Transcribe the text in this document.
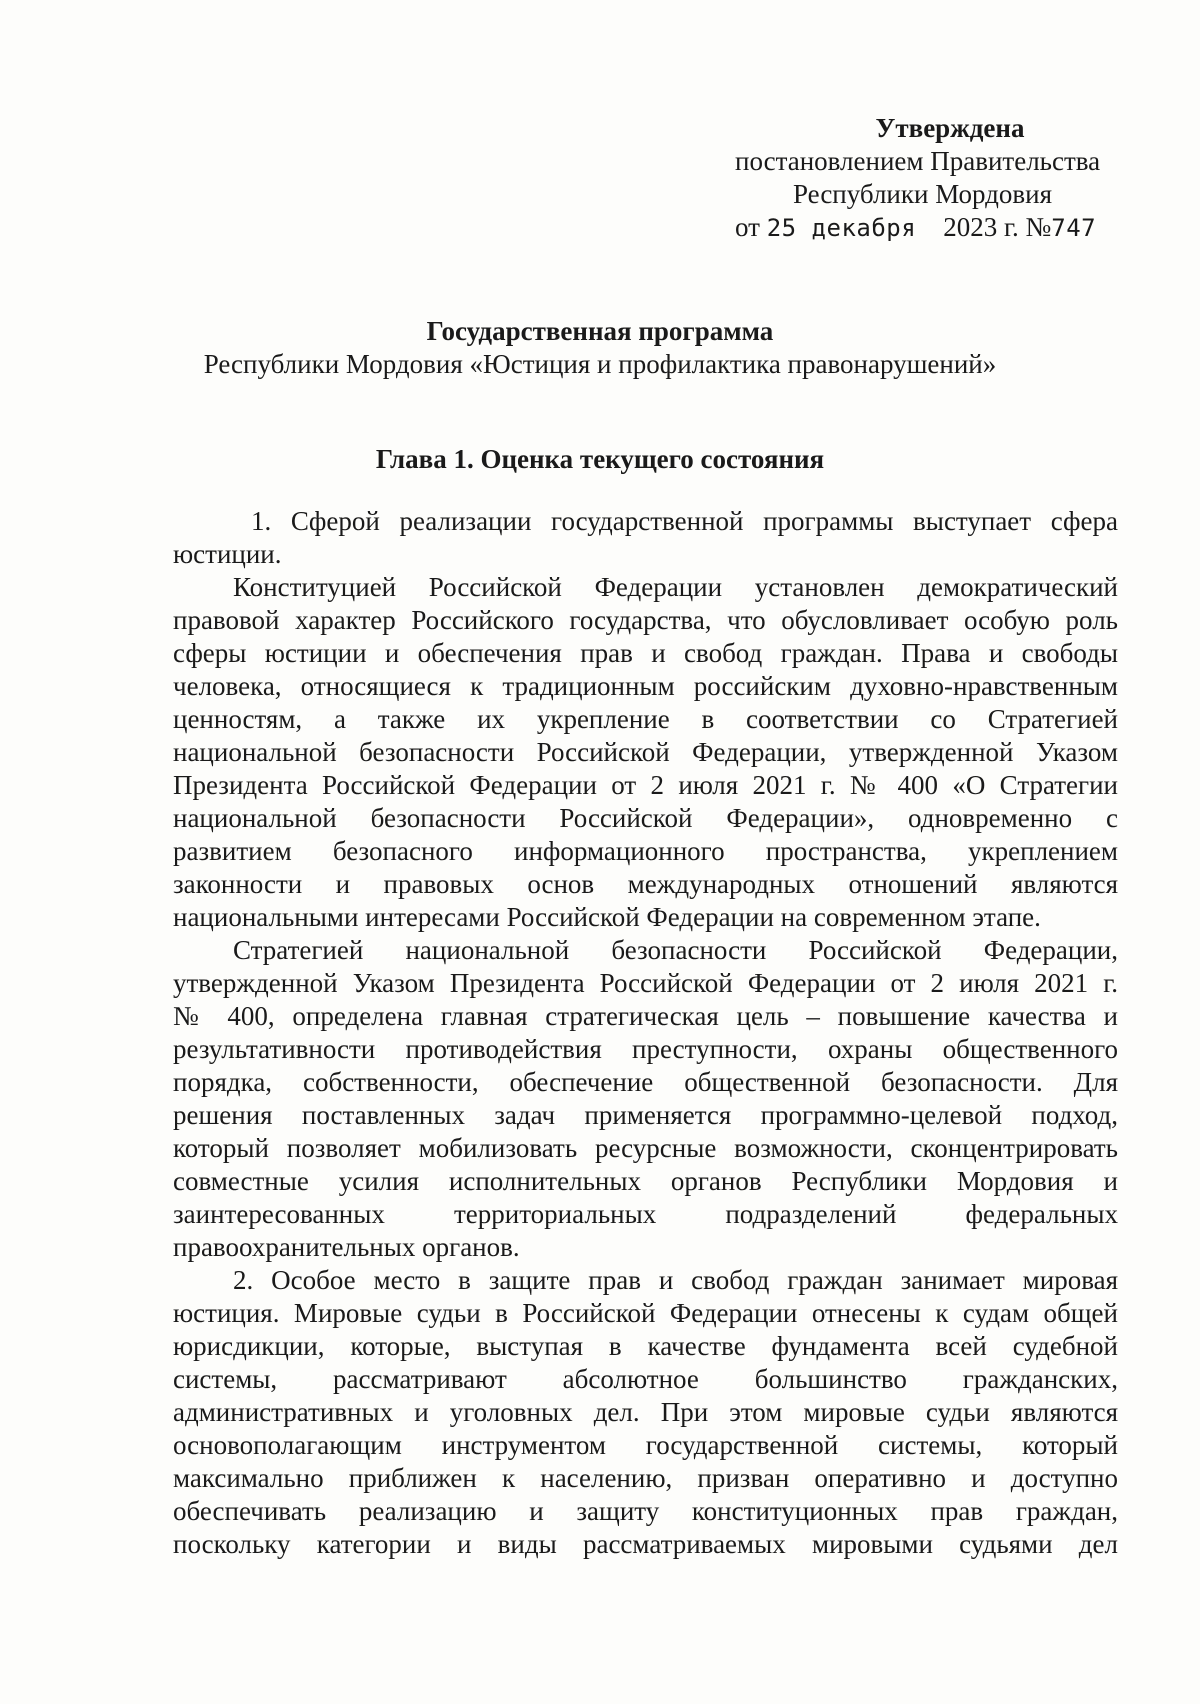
Утверждена
постановлением Правительства
Республики Мордовия
от 25 декабря 2023 г. №747
Государственная программа
Республики Мордовия «Юстиция и профилактика правонарушений»
Глава 1. Оценка текущего состояния
1. Сферой реализации государственной программы выступает сфера
юстиции.
Конституцией Российской Федерации установлен демократический
правовой характер Российского государства, что обусловливает особую роль
сферы юстиции и обеспечения прав и свобод граждан. Права и свободы
человека, относящиеся к традиционным российским духовно-нравственным
ценностям, а также их укрепление в соответствии со Стратегией
национальной безопасности Российской Федерации, утвержденной Указом
Президента Российской Федерации от 2 июля 2021 г. № 400 «О Стратегии
национальной безопасности Российской Федерации», одновременно с
развитием безопасного информационного пространства, укреплением
законности и правовых основ международных отношений являются
национальными интересами Российской Федерации на современном этапе.
Стратегией национальной безопасности Российской Федерации,
утвержденной Указом Президента Российской Федерации от 2 июля 2021 г.
№ 400, определена главная стратегическая цель – повышение качества и
результативности противодействия преступности, охраны общественного
порядка, собственности, обеспечение общественной безопасности. Для
решения поставленных задач применяется программно-целевой подход,
который позволяет мобилизовать ресурсные возможности, сконцентрировать
совместные усилия исполнительных органов Республики Мордовия и
заинтересованных территориальных подразделений федеральных
правоохранительных органов.
2. Особое место в защите прав и свобод граждан занимает мировая
юстиция. Мировые судьи в Российской Федерации отнесены к судам общей
юрисдикции, которые, выступая в качестве фундамента всей судебной
системы, рассматривают абсолютное большинство гражданских,
административных и уголовных дел. При этом мировые судьи являются
основополагающим инструментом государственной системы, который
максимально приближен к населению, призван оперативно и доступно
обеспечивать реализацию и защиту конституционных прав граждан,
поскольку категории и виды рассматриваемых мировыми судьями дел
